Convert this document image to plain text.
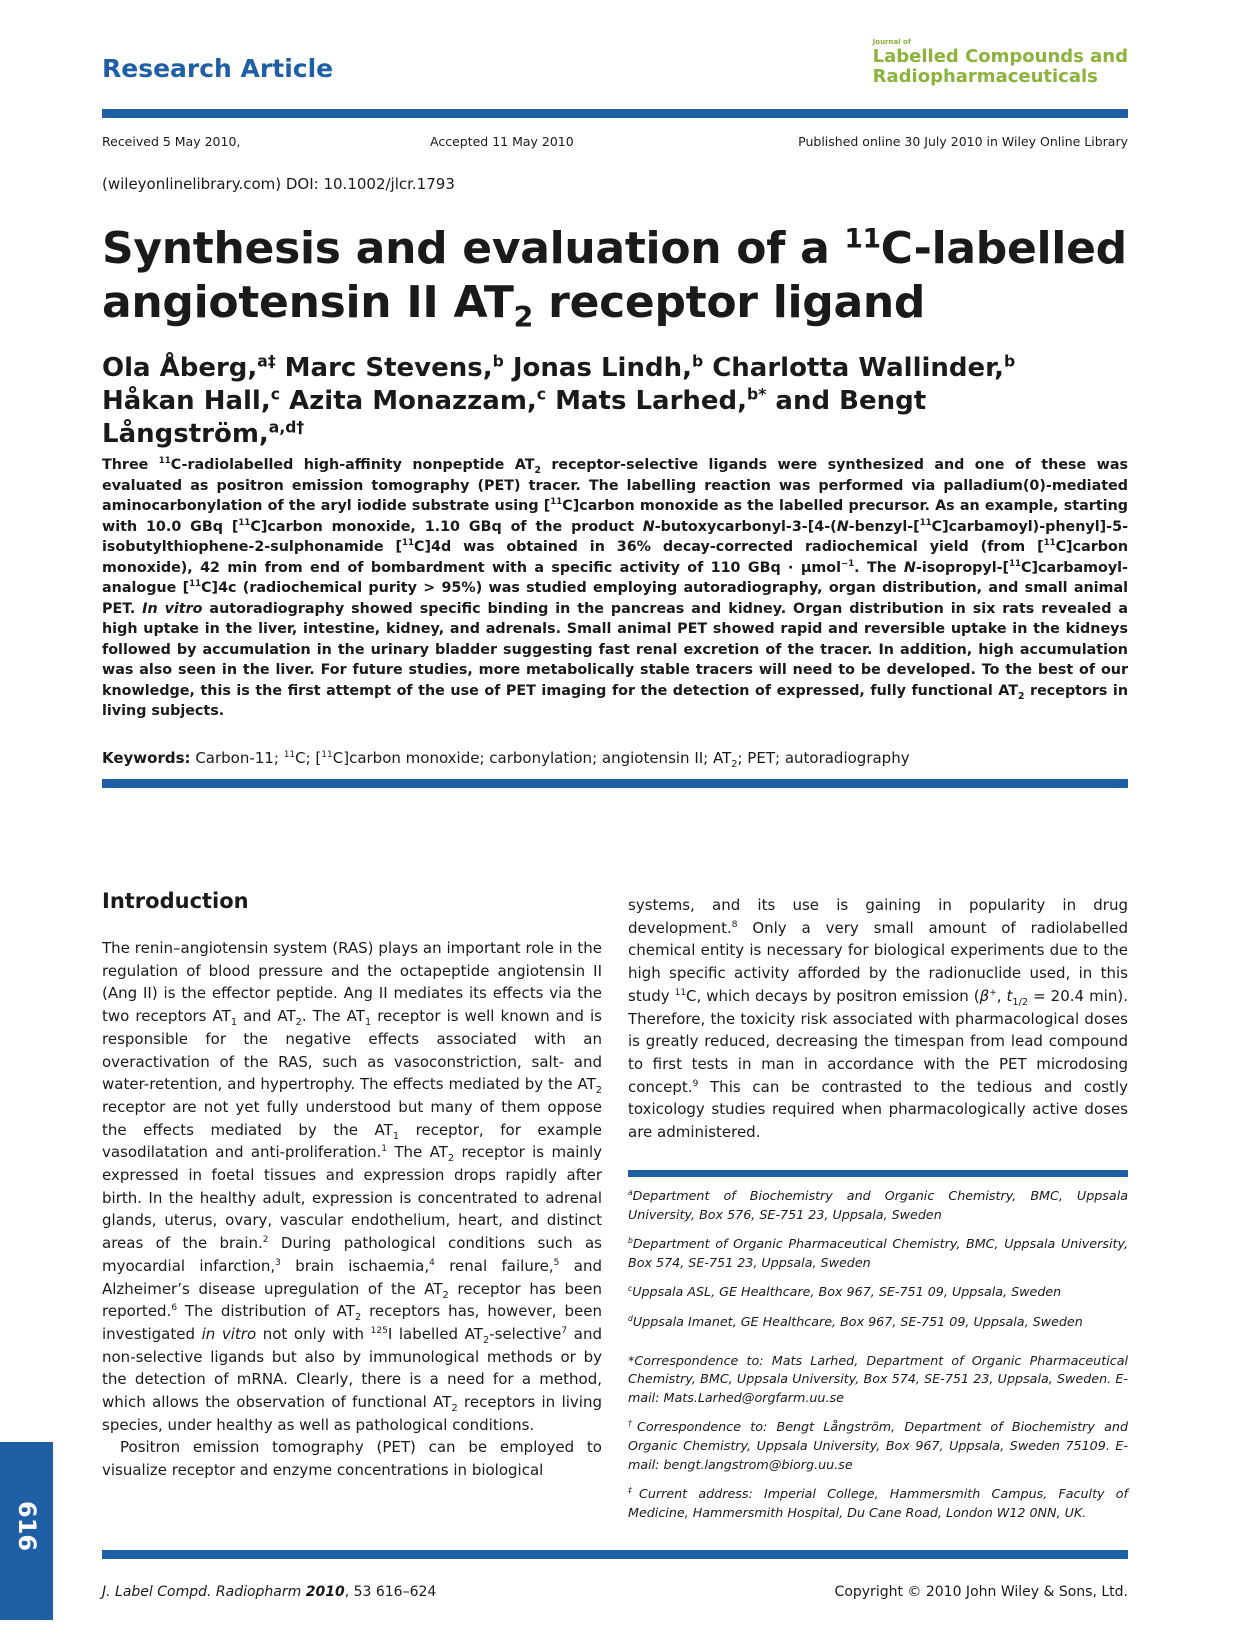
Research Article
Journal of
Labelled Compounds and
Radiopharmaceuticals
Received 5 May 2010,	Accepted 11 May 2010	Published online 30 July 2010 in Wiley Online Library
(wileyonlinelibrary.com) DOI: 10.1002/jlcr.1793
Synthesis and evaluation of a $^{11}$C-labelled
angiotensin II $AT_2$ receptor ligand
Ola Åberg,$^{a\ddagger}$ Marc Stevens,$^b$ Jonas Lindh,$^b$ Charlotta Wallinder,$^b$
Håkan Hall,$^c$ Azita Monazzam,$^c$ Mats Larhed,$^{b*}$ and Bengt Långström,$^{a,d\dagger}$
Three $^{11}$C-radiolabelled high-affinity nonpeptide $AT_2$ receptor-selective ligands were synthesized and one of these was evaluated as positron emission tomography (PET) tracer. The labelling reaction was performed via palladium(0)-mediated aminocarbonylation of the aryl iodide substrate using [$^{11}$C]carbon monoxide as the labelled precursor. As an example, starting with 10.0 GBq [$^{11}$C]carbon monoxide, 1.10 GBq of the product N-butoxycarbonyl-3-[4-(N-benzyl-[$^{11}$C]carbamoyl)-phenyl]-5-isobutylthiophene-2-sulphonamide [$^{11}$C]4d was obtained in 36% decay-corrected radiochemical yield (from [$^{11}$C]carbon monoxide), 42 min from end of bombardment with a specific activity of 110 GBq · μmol$^{-1}$. The N-isopropyl-[$^{11}$C]carbamoyl-analogue [$^{11}$C]4c (radiochemical purity > 95%) was studied employing autoradiography, organ distribution, and small animal PET. In vitro autoradiography showed specific binding in the pancreas and kidney. Organ distribution in six rats revealed a high uptake in the liver, intestine, kidney, and adrenals. Small animal PET showed rapid and reversible uptake in the kidneys followed by accumulation in the urinary bladder suggesting fast renal excretion of the tracer. In addition, high accumulation was also seen in the liver. For future studies, more metabolically stable tracers will need to be developed. To the best of our knowledge, this is the first attempt of the use of PET imaging for the detection of expressed, fully functional $AT_2$ receptors in living subjects.
Keywords: Carbon-11; $^{11}$C; [$^{11}$C]carbon monoxide; carbonylation; angiotensin II; $AT_2$; PET; autoradiography
Introduction

The renin–angiotensin system (RAS) plays an important role in the regulation of blood pressure and the octapeptide angiotensin II (Ang II) is the effector peptide. Ang II mediates its effects via the two receptors $AT_1$ and $AT_2$. The $AT_1$ receptor is well known and is responsible for the negative effects associated with an overactivation of the RAS, such as vasoconstriction, salt- and water-retention, and hypertrophy. The effects mediated by the $AT_2$ receptor are not yet fully understood but many of them oppose the effects mediated by the $AT_1$ receptor, for example vasodilatation and anti-proliferation.$^1$ The $AT_2$ receptor is mainly expressed in foetal tissues and expression drops rapidly after birth. In the healthy adult, expression is concentrated to adrenal glands, uterus, ovary, vascular endothelium, heart, and distinct areas of the brain.$^2$ During pathological conditions such as myocardial infarction,$^3$ brain ischaemia,$^4$ renal failure,$^5$ and Alzheimer’s disease upregulation of the $AT_2$ receptor has been reported.$^6$ The distribution of $AT_2$ receptors has, however, been investigated in vitro not only with $^{125}$I labelled $AT_2-selective^7$ and non-selective ligands but also by immunological methods or by the detection of mRNA. Clearly, there is a need for a method, which allows the observation of functional $AT_2$ receptors in living species, under healthy as well as pathological conditions.

Positron emission tomography (PET) can be employed to visualize receptor and enzyme concentrations in biological

systems, and its use is gaining in popularity in drug development.$^8$ Only a very small amount of radiolabelled chemical entity is necessary for biological experiments due to the high specific activity afforded by the radionuclide used, in this study $^{11}$C, which decays by positron emission (β+, $t_{1/2} = 20.4$ min). Therefore, the toxicity risk associated with pharmacological doses is greatly reduced, decreasing the timespan from lead compound to first tests in man in accordance with the PET microdosing concept.$^9$ This can be contrasted to the tedious and costly toxicology studies required when pharmacologically active doses are administered.

$^a$Department of Biochemistry and Organic Chemistry, BMC, Uppsala University, Box 576, SE-751 23, Uppsala, Sweden

$^b$Department of Organic Pharmaceutical Chemistry, BMC, Uppsala University, Box 574, SE-751 23, Uppsala, Sweden

$^c$Uppsala ASL, GE Healthcare, Box 967, SE-751 09, Uppsala, Sweden

$^d$Uppsala Imanet, GE Healthcare, Box 967, SE-751 09, Uppsala, Sweden

*Correspondence to: Mats Larhed, Department of Organic Pharmaceutical Chemistry, BMC, Uppsala University, Box 574, SE-751 23, Uppsala, Sweden. E-mail: Mats.Larhed@orgfarm.uu.se

†Correspondence to: Bengt Långström, Department of Biochemistry and Organic Chemistry, Uppsala University, Box 967, Uppsala, Sweden 75109. E-mail: bengt.langstrom@biorg.uu.se

‡Current address: Imperial College, Hammersmith Campus, Faculty of Medicine, Hammersmith Hospital, Du Cane Road, London W12 0NN, UK.

J. Label Compd. Radiopharm 2010, 53 616–624	Copyright © 2010 John Wiley & Sons, Ltd.
616
